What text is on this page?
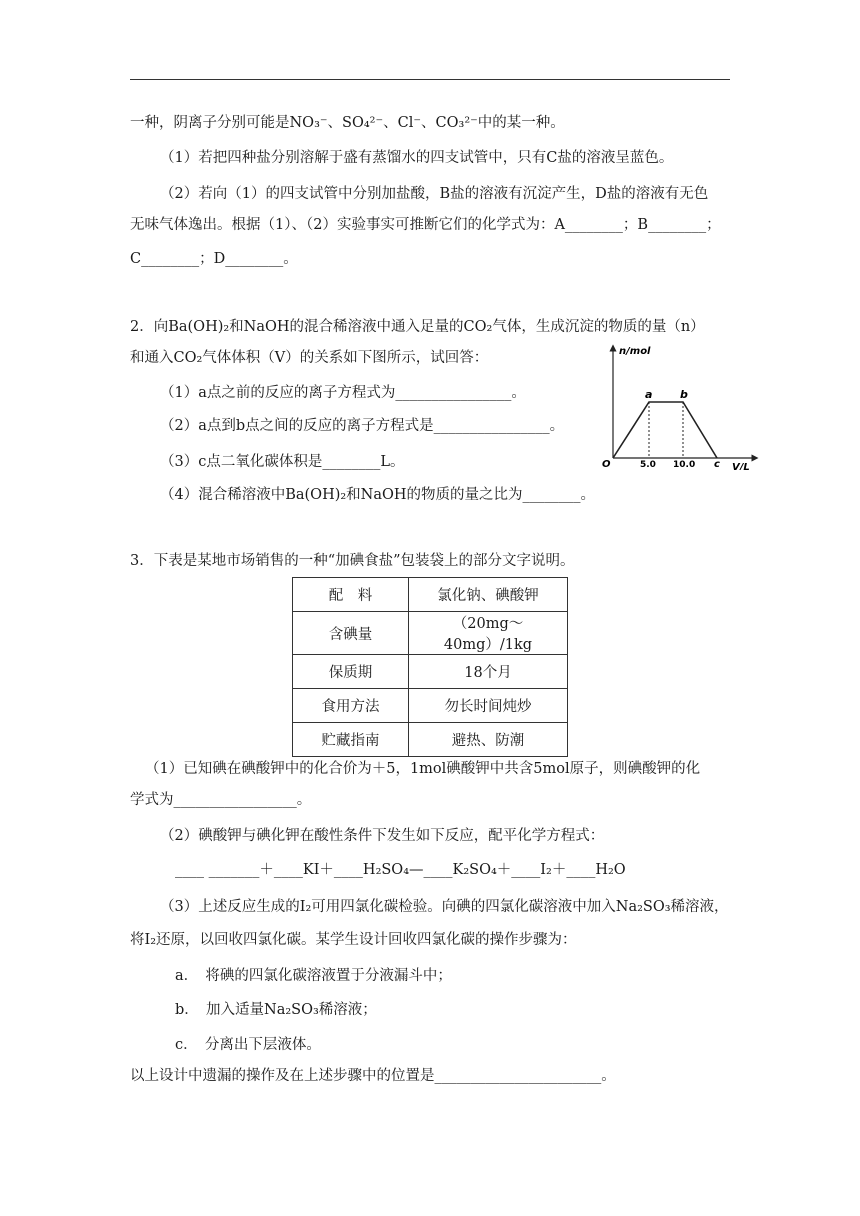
一种，阴离子分别可能是NO₃⁻、SO₄²⁻、Cl⁻、CO₃²⁻中的某一种。
（1）若把四种盐分别溶解于盛有蒸馏水的四支试管中，只有C盐的溶液呈蓝色。
（2）若向（1）的四支试管中分别加盐酸，B盐的溶液有沉淀产生，D盐的溶液有无色
无味气体逸出。根据（1）、（2）实验事实可推断它们的化学式为：A________；B________；
C________；D________。
2．向Ba(OH)₂和NaOH的混合稀溶液中通入足量的CO₂气体，生成沉淀的物质的量（n）
和通入CO₂气体体积（V）的关系如下图所示，试回答：
（1）a点之前的反应的离子方程式为________________。
（2）a点到b点之间的反应的离子方程式是________________。
（3）c点二氧化碳体积是________L。
（4）混合稀溶液中Ba(OH)₂和NaOH的物质的量之比为________。
n/mol
V/L
O
a	b
c
5.0 10.0
3．下表是某地市场销售的一种“加碘食盐”包装袋上的部分文字说明。
配　料	氯化钠、碘酸钾
含碘量	（20mg～40mg）/1kg
保质期	18个月
食用方法	勿长时间炖炒
贮藏指南	避热、防潮
（1）已知碘在碘酸钾中的化合价为＋5，1mol碘酸钾中共含5mol原子，则碘酸钾的化
学式为_________________。
（2）碘酸钾与碘化钾在酸性条件下发生如下反应，配平化学方程式：
____ _______＋____KI＋____H₂SO₄—____K₂SO₄＋____I₂＋____H₂O
（3）上述反应生成的I₂可用四氯化碳检验。向碘的四氯化碳溶液中加入Na₂SO₃稀溶液，
将I₂还原，以回收四氯化碳。某学生设计回收四氯化碳的操作步骤为：
a．　将碘的四氯化碳溶液置于分液漏斗中；
b．　加入适量Na₂SO₃稀溶液；
c．　分离出下层液体。
以上设计中遗漏的操作及在上述步骤中的位置是_______________________。
